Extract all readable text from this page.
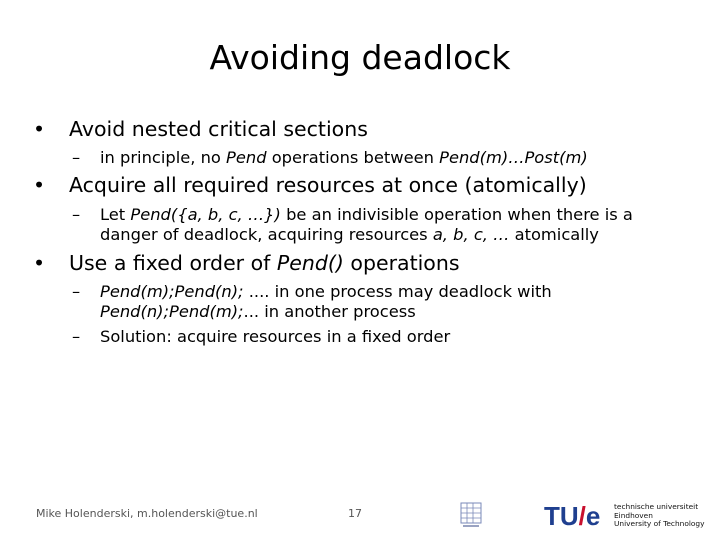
Avoiding deadlock
• Avoid nested critical sections
– in principle, no Pend operations between Pend(m)…Post(m)
• Acquire all required resources at once (atomically)
– Let Pend({a, b, c, …}) be an indivisible operation when there is a
danger of deadlock, acquiring resources a, b, c, … atomically
• Use a fixed order of Pend() operations
– Pend(m);Pend(n); .... in one process may deadlock with
Pend(n);Pend(m);... in another process
– Solution: acquire resources in a fixed order
Mike Holenderski, m.holenderski@tue.nl	17	TU/e technische universiteit
Eindhoven
University of Technology
